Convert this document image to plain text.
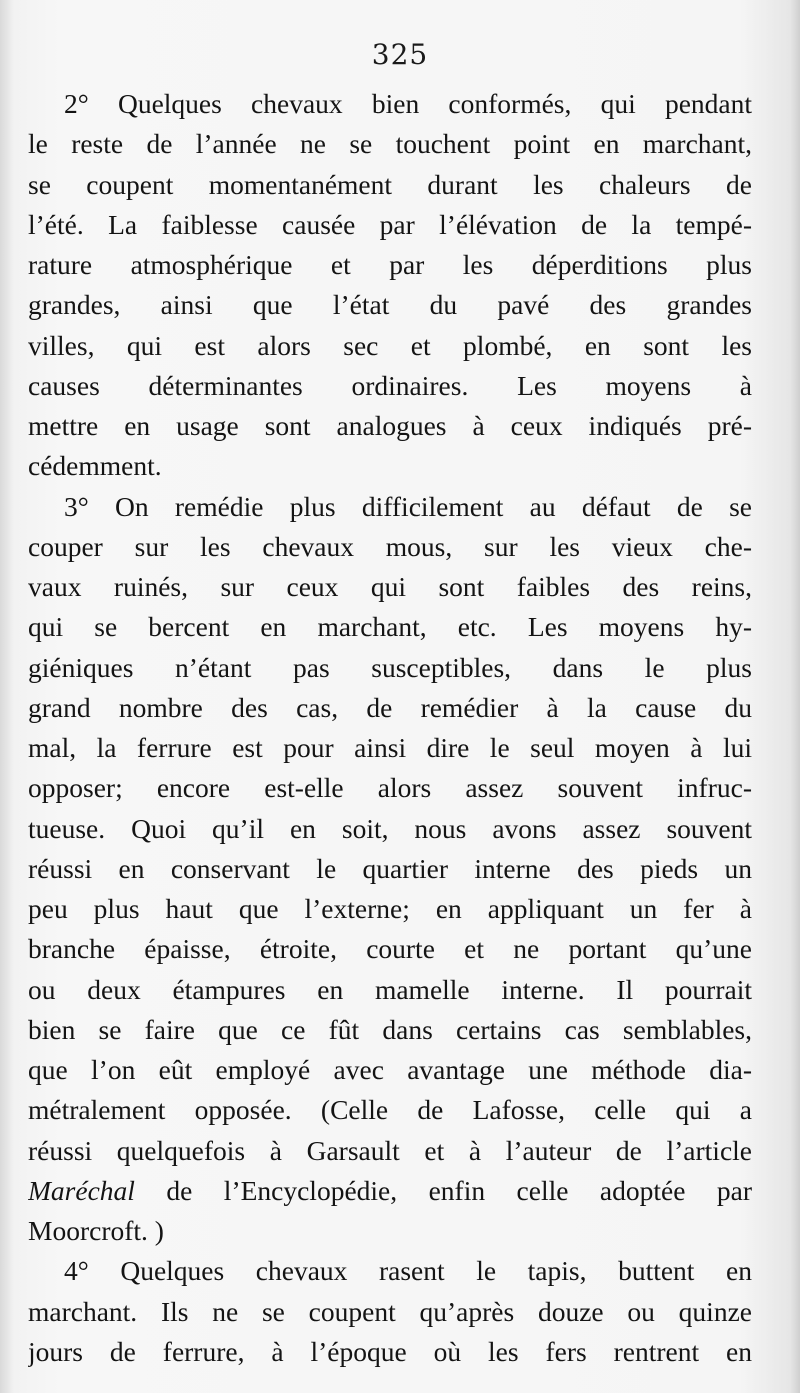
325
2° Quelques chevaux bien conformés, qui pendant
le reste de l’année ne se touchent point en marchant,
se coupent momentanément durant les chaleurs de
l’été. La faiblesse causée par l’élévation de la tempé-
rature atmosphérique et par les déperditions plus
grandes, ainsi que l’état du pavé des grandes
villes, qui est alors sec et plombé, en sont les
causes déterminantes ordinaires. Les moyens à
mettre en usage sont analogues à ceux indiqués pré-
cédemment.
3° On remédie plus difficilement au défaut de se
couper sur les chevaux mous, sur les vieux che-
vaux ruinés, sur ceux qui sont faibles des reins,
qui se bercent en marchant, etc. Les moyens hy-
giéniques n’étant pas susceptibles, dans le plus
grand nombre des cas, de remédier à la cause du
mal, la ferrure est pour ainsi dire le seul moyen à lui
opposer; encore est-elle alors assez souvent infruc-
tueuse. Quoi qu’il en soit, nous avons assez souvent
réussi en conservant le quartier interne des pieds un
peu plus haut que l’externe; en appliquant un fer à
branche épaisse, étroite, courte et ne portant qu’une
ou deux étampures en mamelle interne. Il pourrait
bien se faire que ce fût dans certains cas semblables,
que l’on eût employé avec avantage une méthode dia-
métralement opposée. (Celle de Lafosse, celle qui a
réussi quelquefois à Garsault et à l’auteur de l’article
Maréchal de l’Encyclopédie, enfin celle adoptée par
Moorcroft. )
4° Quelques chevaux rasent le tapis, buttent en
marchant. Ils ne se coupent qu’après douze ou quinze
jours de ferrure, à l’époque où les fers rentrent en
